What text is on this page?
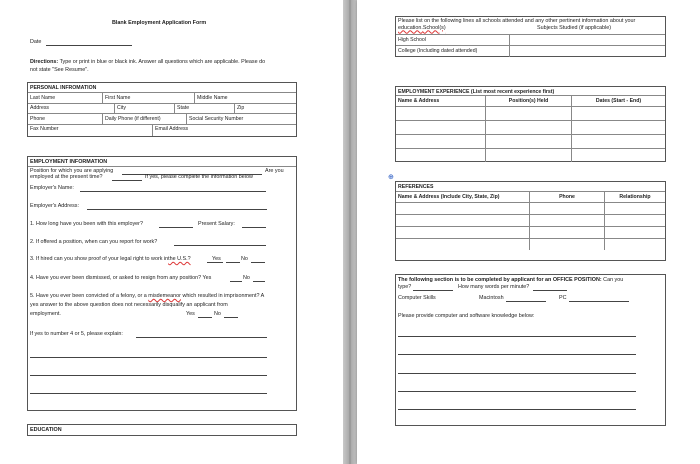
Blank Employment Application Form
Date
Directions: Type or print in blue or black ink. Answer all questions which are applicable. Please do
not state "See Resume".
PERSONAL INFROMATION
Last Name	First Name	Middle Name
Address	City	State	Zip
Phone	Daily Phone (if different)	Social Security Number
Fax Number	Email Address
EMPLOYMENT INFORMATION
Position for which you are applying	Are you
employed at the present time?	If yes, please complete the information below
Employer's Name:
Employer's Address:
1. How long have you been with this employer?	Present Salary:
2. If offered a position, when can you report for work?
3. If hired can you show proof of your legal right to work inthe U.S.?	Yes	No
4. Have you ever been dismissed, or asked to resign from any position? Yes	No
5. Have you ever been convicted of a felony, or a misdemeanor which resulted in imprisonment? A
yes answer to the above question does not necessarily disqualify an applicant from
employment.	Yes	No
If yes to number 4 or 5, please explain:
EDUCATION
Please list on the following lines all schools attended and any other pertinent information about your
education.School(s)	Subjects Studied (if applicable)
High School
College (Including dated attended)
EMPLOYMENT EXPERIENCE (List most recent experience first)
Name & Address	Position(s) Held	Dates (Start - End)
⊕
REFERENCES
Name & Address (Include City, State, Zip)	Phone	Relationship
The following section is to be completed by applicant for an OFFICE POSITION: Can you
type?	How many words per minute?
Computer Skills	Macintosh	PC
Please provide computer and software knowledge below:
